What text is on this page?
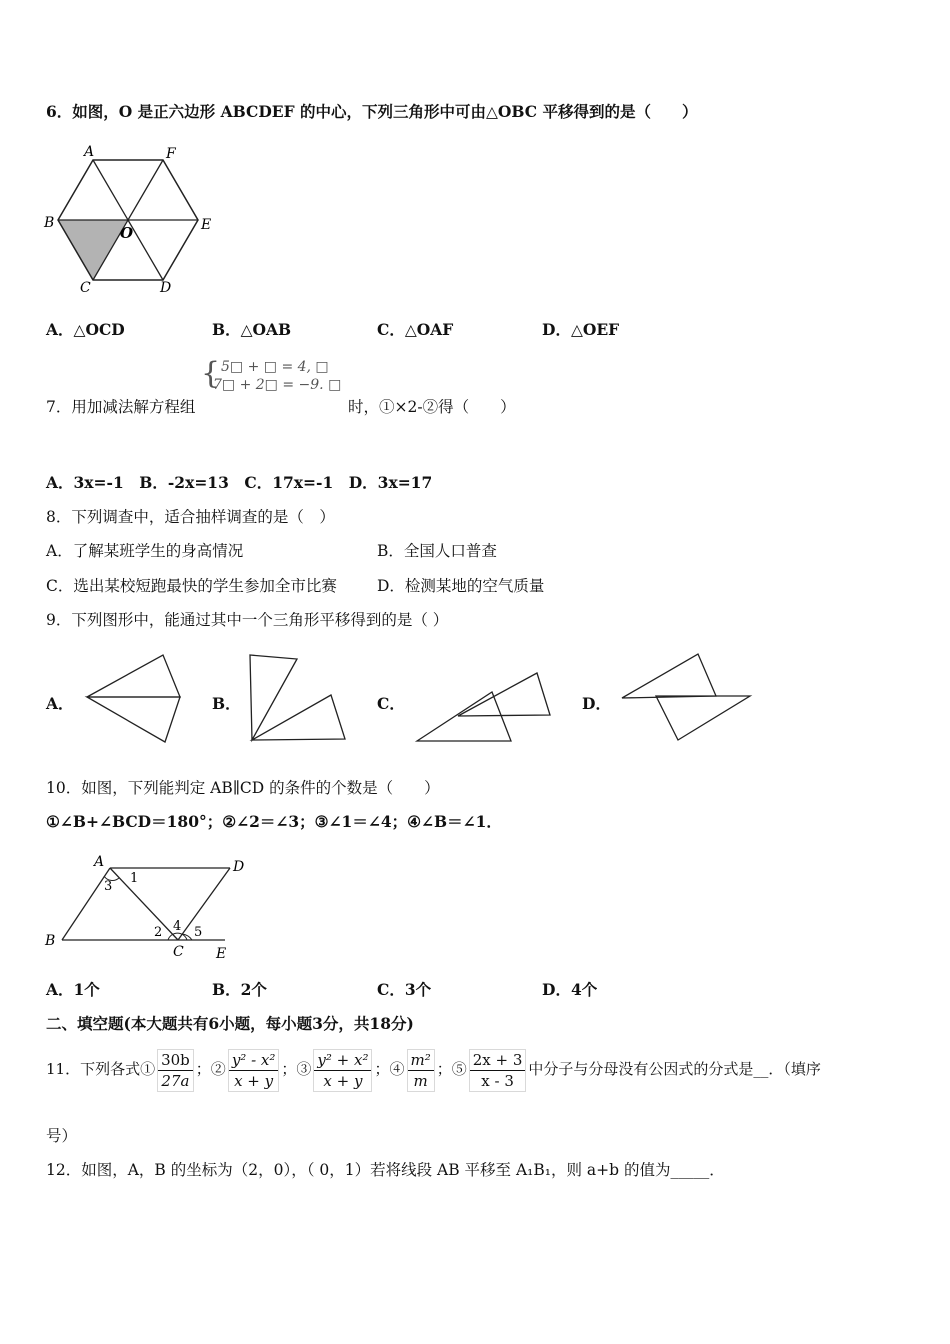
6．如图，O 是正六边形 ABCDEF 的中心，下列三角形中可由△OBC 平移得到的是（　　）
A	F
B
O	E
C	D
A．△OCD	B．△OAB	C．△OAF	D．△OEF
{ 5□ + □ = 4, □
7□ + 2□ = −9. □
7．用加减法解方程组	时，①×2-②得（　　）
A．3x=-1　B．-2x=13　C．17x=-1　D．3x=17
8．下列调查中，适合抽样调查的是（　）
A．了解某班学生的身高情况	B．全国人口普查
C．选出某校短跑最快的学生参加全市比赛	D．检测某地的空气质量
9．下列图形中，能通过其中一个三角形平移得到的是（ ）
A．	B．	C．	D．
10．如图，下列能判定 AB∥CD 的条件的个数是（　　）
①∠B+∠BCD＝180°；②∠2＝∠3；③∠1＝∠4；④∠B＝∠1．
A	D
B
C E
1
2
3
4 5
A．1个	B．2个	C．3个	D．4个
二、填空题(本大题共有6小题，每小题3分，共18分)
11．下列各式① $\frac{30b}{27a}$ ；② $\frac{\text{y² - x²}}{x + y}$ ；③ $\frac{\text{y² + x²}}{x + y}$ ；④ $\frac{\text{m²}}{m}$ ；⑤ $\frac{2x + 3}{x - 3}$ 中分子与分母没有公因式的分式是__．（填序
号）
12．如图，A，B 的坐标为（2，0），（ 0，1）若将线段 AB 平移至 A₁B₁，则 a+b 的值为_____．
